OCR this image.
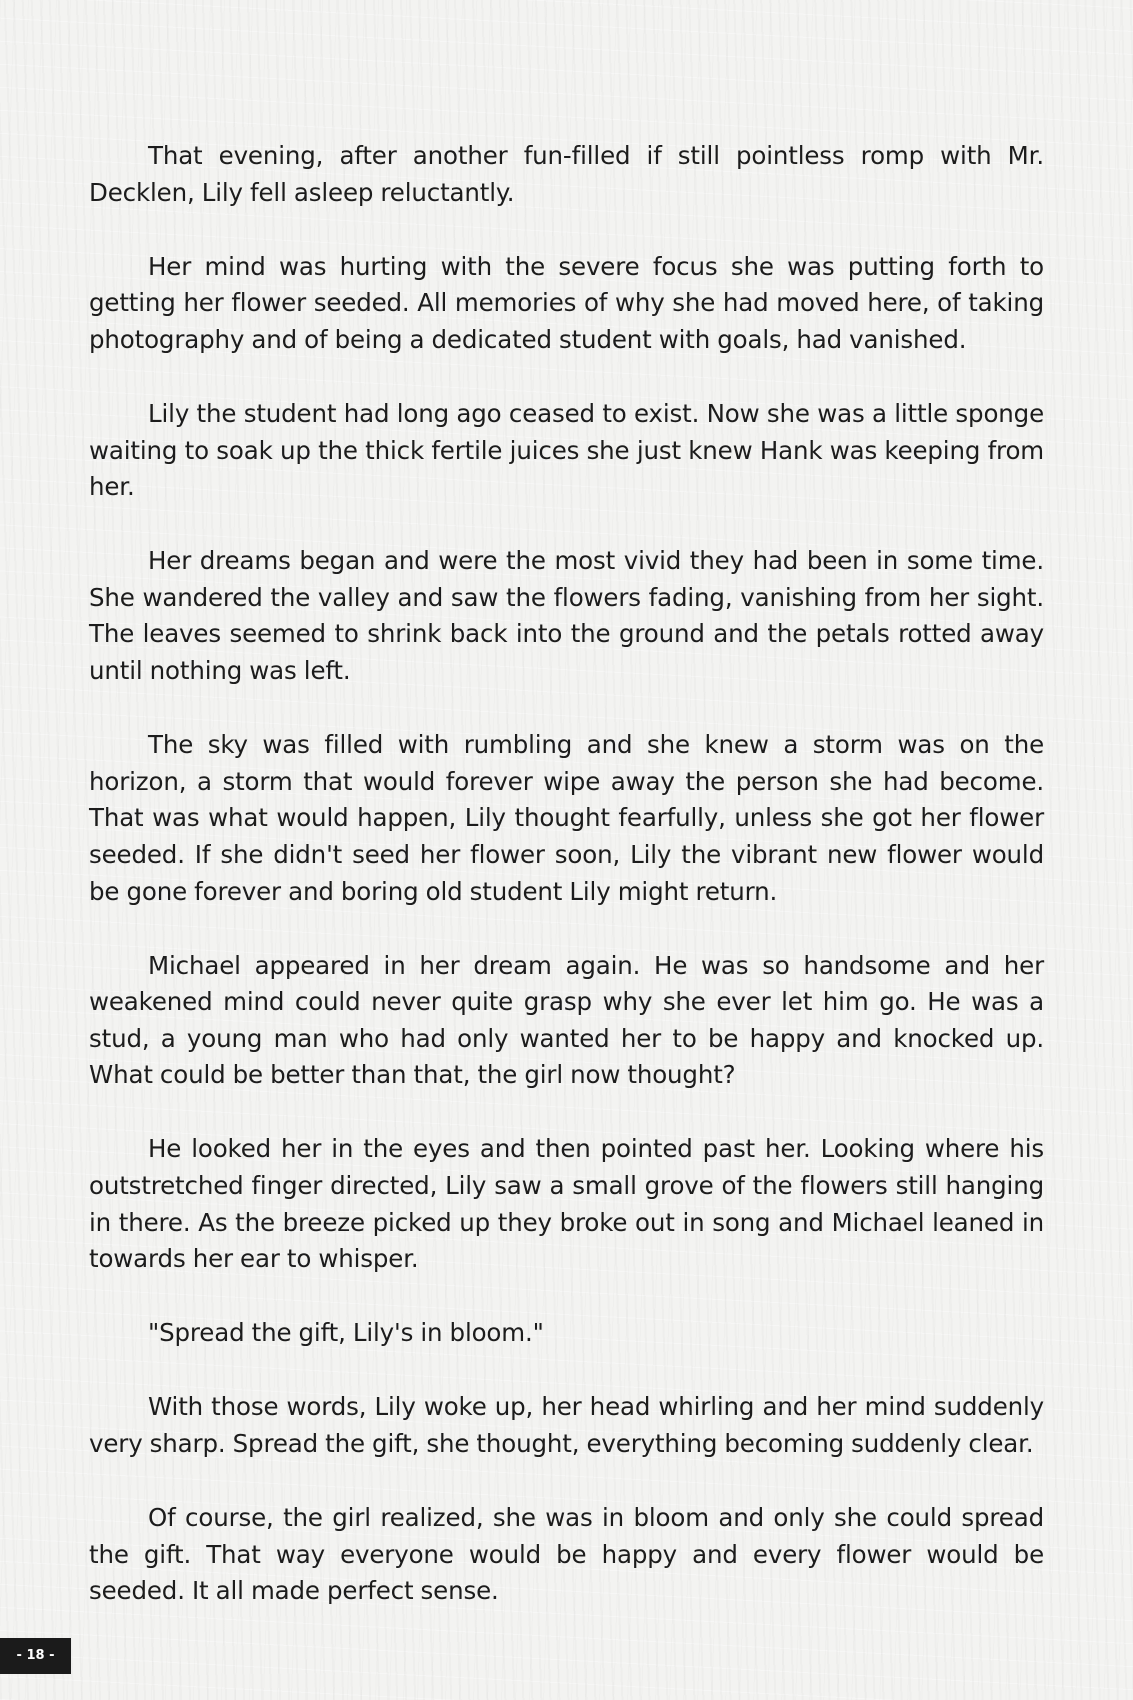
That evening, after another fun-filled if still pointless romp with Mr. Decklen, Lily fell asleep reluctantly.

Her mind was hurting with the severe focus she was putting forth to getting her flower seeded. All memories of why she had moved here, of taking photography and of being a dedicated student with goals, had vanished.

Lily the student had long ago ceased to exist. Now she was a little sponge waiting to soak up the thick fertile juices she just knew Hank was keeping from her.

Her dreams began and were the most vivid they had been in some time. She wandered the valley and saw the flowers fading, vanishing from her sight. The leaves seemed to shrink back into the ground and the petals rotted away until nothing was left.

The sky was filled with rumbling and she knew a storm was on the horizon, a storm that would forever wipe away the person she had become. That was what would happen, Lily thought fearfully, unless she got her flower seeded. If she didn't seed her flower soon, Lily the vibrant new flower would be gone forever and boring old student Lily might return.

Michael appeared in her dream again. He was so handsome and her weakened mind could never quite grasp why she ever let him go. He was a stud, a young man who had only wanted her to be happy and knocked up. What could be better than that, the girl now thought?

He looked her in the eyes and then pointed past her. Looking where his outstretched finger directed, Lily saw a small grove of the flowers still hanging in there. As the breeze picked up they broke out in song and Michael leaned in towards her ear to whisper.

"Spread the gift, Lily's in bloom."

With those words, Lily woke up, her head whirling and her mind suddenly very sharp. Spread the gift, she thought, everything becoming suddenly clear.

Of course, the girl realized, she was in bloom and only she could spread the gift. That way everyone would be happy and every flower would be seeded. It all made perfect sense.

- 18 -
